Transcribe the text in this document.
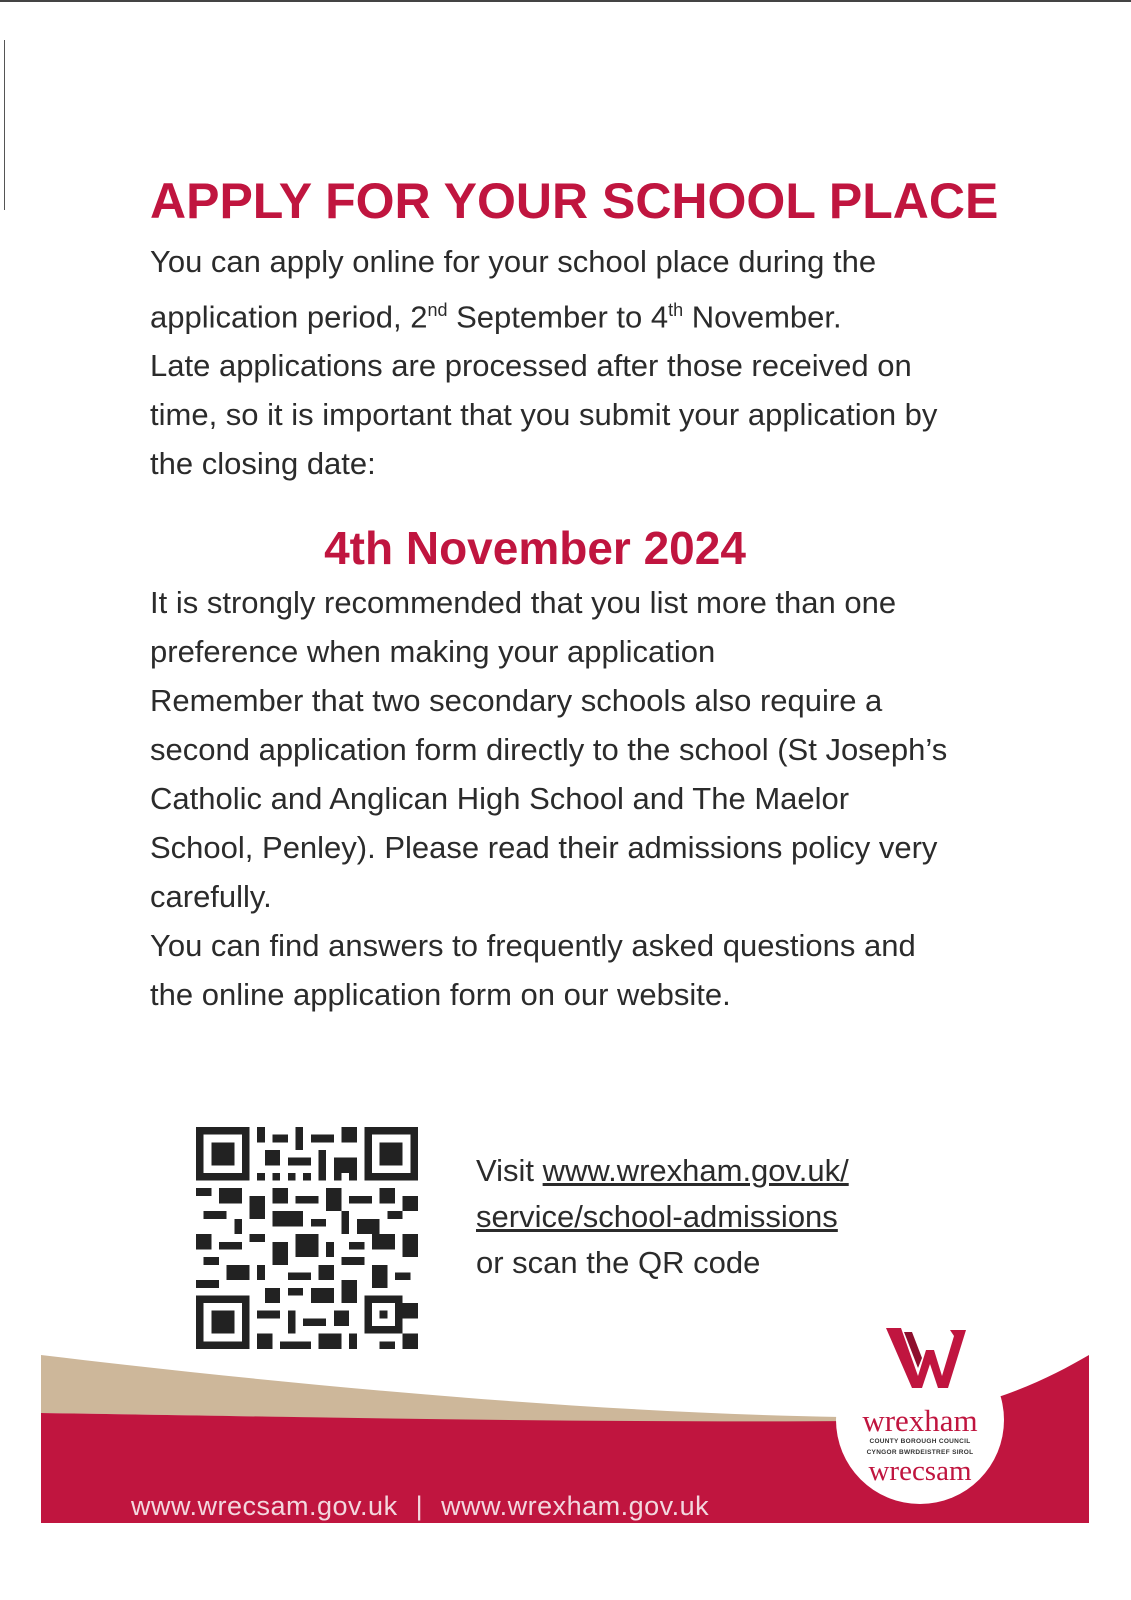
APPLY FOR YOUR SCHOOL PLACE

You can apply online for your school place during the application period, 2nd September to 4th November.

Late applications are processed after those received on time, so it is important that you submit your application by the closing date:

4th November 2024

It is strongly recommended that you list more than one preference when making your application

Remember that two secondary schools also require a second application form directly to the school (St Joseph’s Catholic and Anglican High School and The Maelor School, Penley). Please read their admissions policy very carefully.

You can find answers to frequently asked questions and the online application form on our website.

Visit www.wrexham.gov.uk/
service/school-admissions
or scan the QR code
www.wrecsam.gov.uk | www.wrexham.gov.uk
wrexham
COUNTY BOROUGH COUNCIL
CYNGOR BWRDEISTREF SIROL
wrecsam
